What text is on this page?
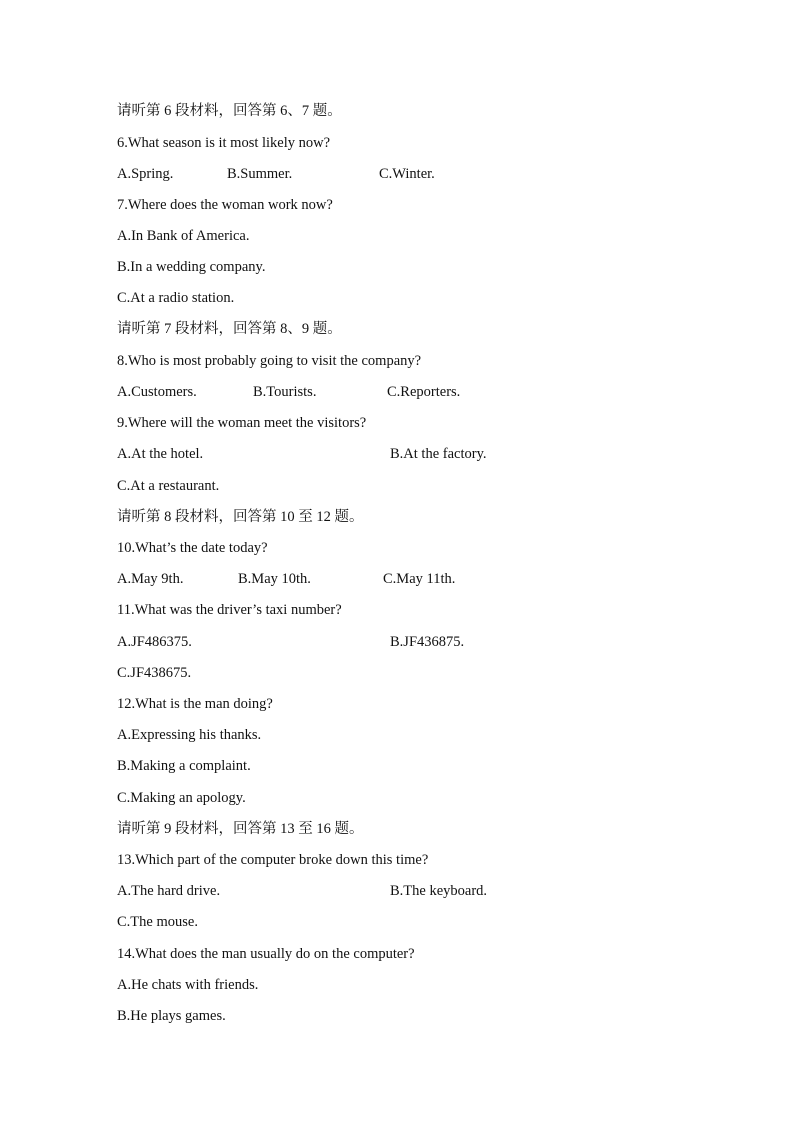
请听第 6 段材料，回答第 6、7 题。
6.What season is it most likely now?
A.Spring.	B.Summer.	C.Winter.
7.Where does the woman work now?
A.In Bank of America.
B.In a wedding company.
C.At a radio station.
请听第 7 段材料，回答第 8、9 题。
8.Who is most probably going to visit the company?
A.Customers.	B.Tourists.	C.Reporters.
9.Where will the woman meet the visitors?
A.At the hotel.	B.At the factory.
C.At a restaurant.
请听第 8 段材料，回答第 10 至 12 题。
10.What’s the date today?
A.May 9th.	B.May 10th.	C.May 11th.
11.What was the driver’s taxi number?
A.JF486375.	B.JF436875.
C.JF438675.
12.What is the man doing?
A.Expressing his thanks.
B.Making a complaint.
C.Making an apology.
请听第 9 段材料，回答第 13 至 16 题。
13.Which part of the computer broke down this time?
A.The hard drive.	B.The keyboard.
C.The mouse.
14.What does the man usually do on the computer?
A.He chats with friends.
B.He plays games.
